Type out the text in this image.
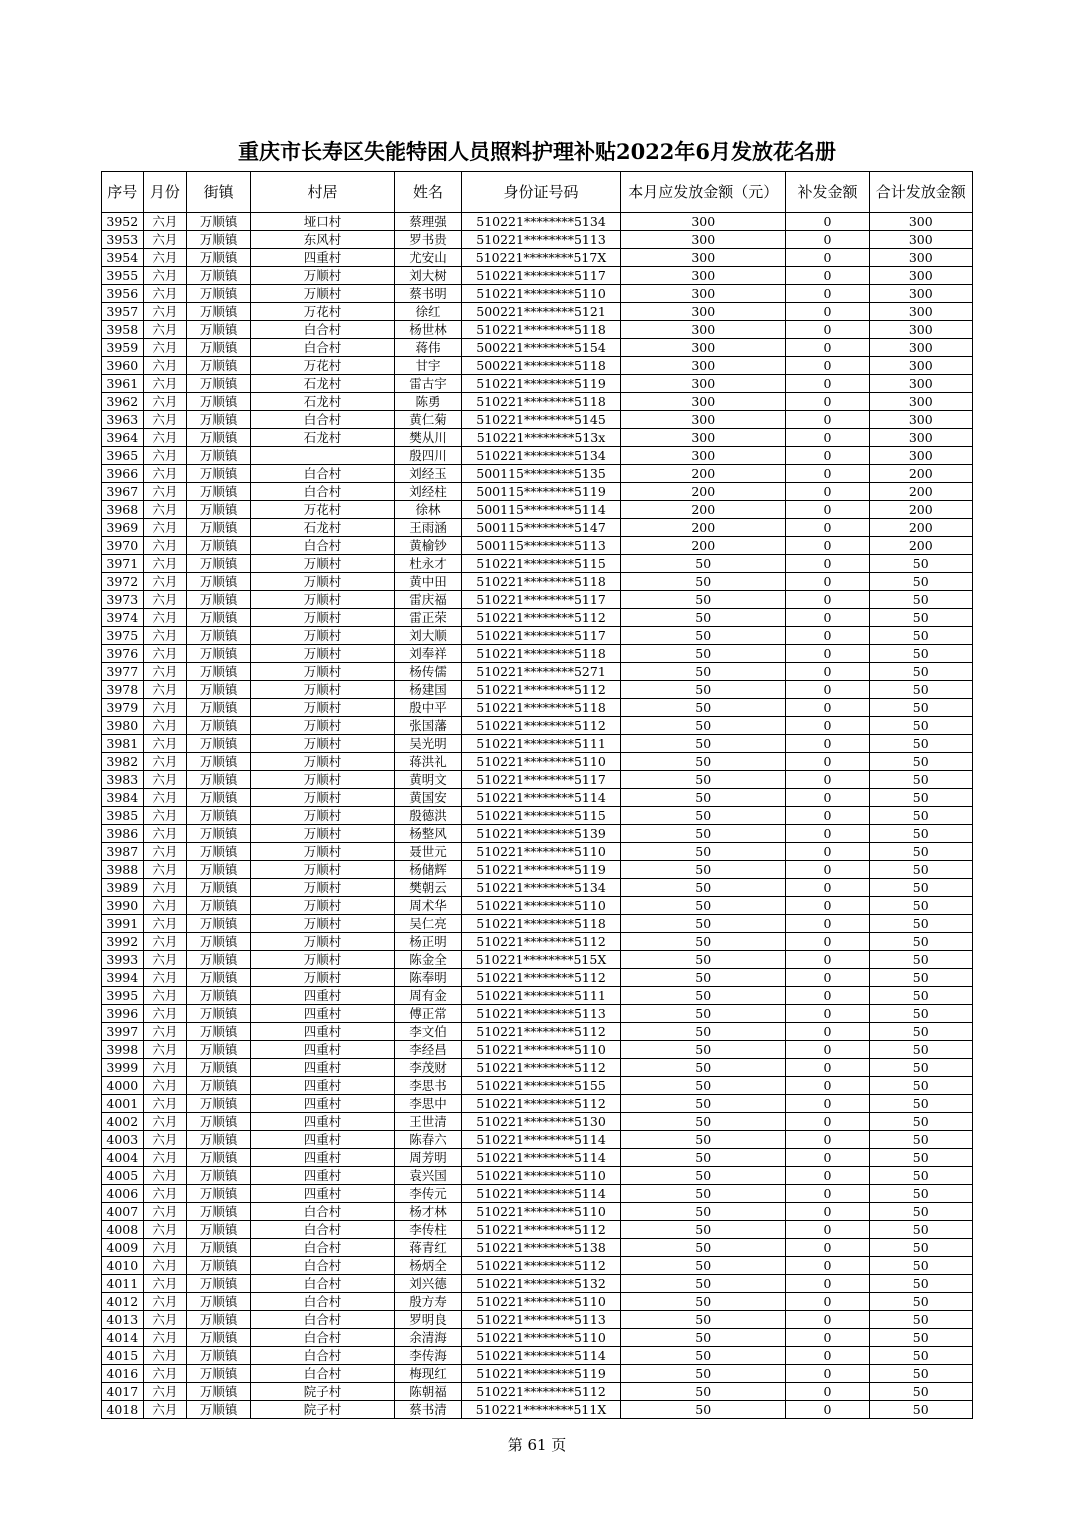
重庆市长寿区失能特困人员照料护理补贴2022年6月发放花名册
序号	月份	街镇	村居	姓名	身份证号码	本月应发放金额（元）	补发金额	合计发放金额
3952	六月	万顺镇	垭口村	蔡理强	510221********5134	300	0	300
3953	六月	万顺镇	东风村	罗书贵	510221********5113	300	0	300
3954	六月	万顺镇	四重村	尤安山	510221********517X	300	0	300
3955	六月	万顺镇	万顺村	刘大树	510221********5117	300	0	300
3956	六月	万顺镇	万顺村	蔡书明	510221********5110	300	0	300
3957	六月	万顺镇	万花村	徐红	500221********5121	300	0	300
3958	六月	万顺镇	白合村	杨世林	510221********5118	300	0	300
3959	六月	万顺镇	白合村	蒋伟	500221********5154	300	0	300
3960	六月	万顺镇	万花村	甘宇	500221********5118	300	0	300
3961	六月	万顺镇	石龙村	雷古宇	510221********5119	300	0	300
3962	六月	万顺镇	石龙村	陈勇	510221********5118	300	0	300
3963	六月	万顺镇	白合村	黄仁菊	510221********5145	300	0	300
3964	六月	万顺镇	石龙村	樊从川	510221********513x	300	0	300
3965	六月	万顺镇		殷四川	510221********5134	300	0	300
3966	六月	万顺镇	白合村	刘经玉	500115********5135	200	0	200
3967	六月	万顺镇	白合村	刘经柱	500115********5119	200	0	200
3968	六月	万顺镇	万花村	徐林	500115********5114	200	0	200
3969	六月	万顺镇	石龙村	王雨涵	500115********5147	200	0	200
3970	六月	万顺镇	白合村	黄榆钞	500115********5113	200	0	200
3971	六月	万顺镇	万顺村	杜永才	510221********5115	50	0	50
3972	六月	万顺镇	万顺村	黄中田	510221********5118	50	0	50
3973	六月	万顺镇	万顺村	雷庆福	510221********5117	50	0	50
3974	六月	万顺镇	万顺村	雷正荣	510221********5112	50	0	50
3975	六月	万顺镇	万顺村	刘大顺	510221********5117	50	0	50
3976	六月	万顺镇	万顺村	刘奉祥	510221********5118	50	0	50
3977	六月	万顺镇	万顺村	杨传儒	510221********5271	50	0	50
3978	六月	万顺镇	万顺村	杨建国	510221********5112	50	0	50
3979	六月	万顺镇	万顺村	殷中平	510221********5118	50	0	50
3980	六月	万顺镇	万顺村	张国藩	510221********5112	50	0	50
3981	六月	万顺镇	万顺村	吴光明	510221********5111	50	0	50
3982	六月	万顺镇	万顺村	蒋洪礼	510221********5110	50	0	50
3983	六月	万顺镇	万顺村	黄明文	510221********5117	50	0	50
3984	六月	万顺镇	万顺村	黄国安	510221********5114	50	0	50
3985	六月	万顺镇	万顺村	殷德洪	510221********5115	50	0	50
3986	六月	万顺镇	万顺村	杨整风	510221********5139	50	0	50
3987	六月	万顺镇	万顺村	聂世元	510221********5110	50	0	50
3988	六月	万顺镇	万顺村	杨储辉	510221********5119	50	0	50
3989	六月	万顺镇	万顺村	樊朝云	510221********5134	50	0	50
3990	六月	万顺镇	万顺村	周术华	510221********5110	50	0	50
3991	六月	万顺镇	万顺村	吴仁亮	510221********5118	50	0	50
3992	六月	万顺镇	万顺村	杨正明	510221********5112	50	0	50
3993	六月	万顺镇	万顺村	陈金全	510221********515X	50	0	50
3994	六月	万顺镇	万顺村	陈奉明	510221********5112	50	0	50
3995	六月	万顺镇	四重村	周有金	510221********5111	50	0	50
3996	六月	万顺镇	四重村	傅正常	510221********5113	50	0	50
3997	六月	万顺镇	四重村	李文伯	510221********5112	50	0	50
3998	六月	万顺镇	四重村	李经昌	510221********5110	50	0	50
3999	六月	万顺镇	四重村	李茂财	510221********5112	50	0	50
4000	六月	万顺镇	四重村	李思书	510221********5155	50	0	50
4001	六月	万顺镇	四重村	李思中	510221********5112	50	0	50
4002	六月	万顺镇	四重村	王世清	510221********5130	50	0	50
4003	六月	万顺镇	四重村	陈春六	510221********5114	50	0	50
4004	六月	万顺镇	四重村	周芳明	510221********5114	50	0	50
4005	六月	万顺镇	四重村	袁兴国	510221********5110	50	0	50
4006	六月	万顺镇	四重村	李传元	510221********5114	50	0	50
4007	六月	万顺镇	白合村	杨才林	510221********5110	50	0	50
4008	六月	万顺镇	白合村	李传柱	510221********5112	50	0	50
4009	六月	万顺镇	白合村	蒋青红	510221********5138	50	0	50
4010	六月	万顺镇	白合村	杨炳全	510221********5112	50	0	50
4011	六月	万顺镇	白合村	刘兴德	510221********5132	50	0	50
4012	六月	万顺镇	白合村	殷方寿	510221********5110	50	0	50
4013	六月	万顺镇	白合村	罗明良	510221********5113	50	0	50
4014	六月	万顺镇	白合村	余清海	510221********5110	50	0	50
4015	六月	万顺镇	白合村	李传海	510221********5114	50	0	50
4016	六月	万顺镇	白合村	梅现红	510221********5119	50	0	50
4017	六月	万顺镇	院子村	陈朝福	510221********5112	50	0	50
4018	六月	万顺镇	院子村	蔡书清	510221********511X	50	0	50
第 61 页
